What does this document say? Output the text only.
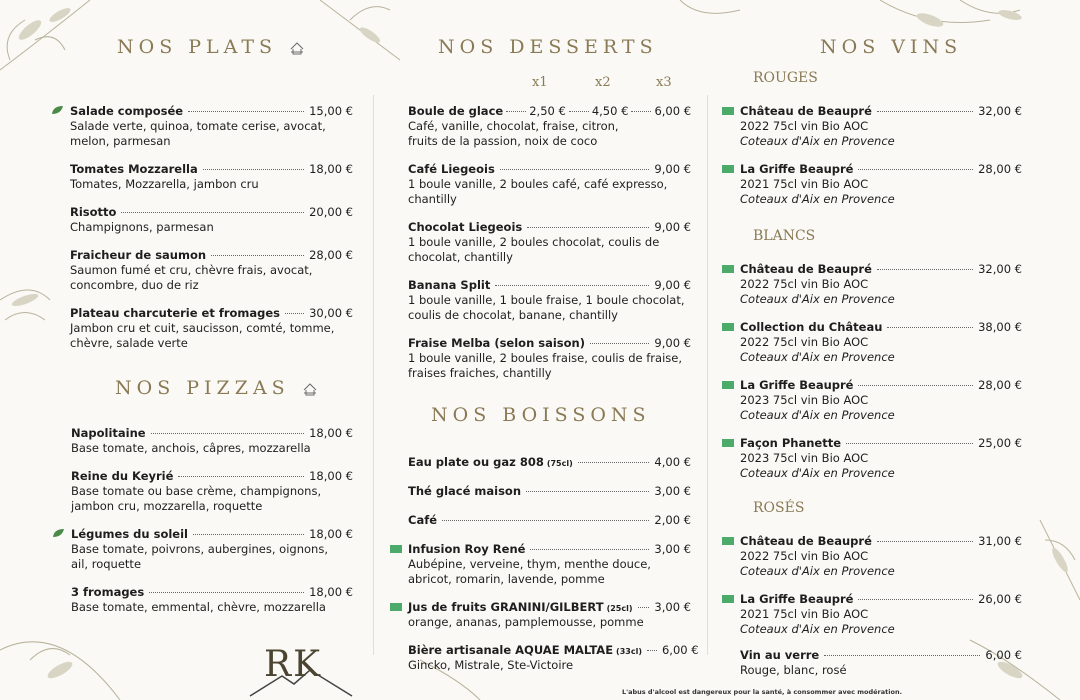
NOS PLATS
Salade composée	15,00 €
Salade verte, quinoa, tomate cerise, avocat,
melon, parmesan
Tomates Mozzarella	18,00 €
Tomates, Mozzarella, jambon cru
Risotto	20,00 €
Champignons, parmesan
Fraicheur de saumon	28,00 €
Saumon fumé et cru, chèvre frais, avocat,
concombre, duo de riz
Plateau charcuterie et fromages	30,00 €
Jambon cru et cuit, saucisson, comté, tomme,
chèvre, salade verte
NOS PIZZAS
Napolitaine	18,00 €
Base tomate, anchois, câpres, mozzarella
Reine du Keyrié	18,00 €
Base tomate ou base crème, champignons,
jambon cru, mozzarella, roquette
Légumes du soleil	18,00 €
Base tomate, poivrons, aubergines, oignons,
ail, roquette
3 fromages	18,00 €
Base tomate, emmental, chèvre, mozzarella
NOS DESSERTS
x1	x2	x3
Boule de glace 2,50 € 4,50 € 6,00 €
Café, vanille, chocolat, fraise, citron,
fruits de la passion, noix de coco
Café Liegeois	9,00 €
1 boule vanille, 2 boules café, café expresso,
chantilly
Chocolat Liegeois	9,00 €
1 boule vanille, 2 boules chocolat, coulis de
chocolat, chantilly
Banana Split	9,00 €
1 boule vanille, 1 boule fraise, 1 boule chocolat,
coulis de chocolat, banane, chantilly
Fraise Melba (selon saison)	9,00 €
1 boule vanille, 2 boules fraise, coulis de fraise,
fraises fraiches, chantilly
NOS BOISSONS
Eau plate ou gaz 808 (75cl)	4,00 €
Thé glacé maison	3,00 €
Café	2,00 €
Infusion Roy René	3,00 €
Aubépine, verveine, thym, menthe douce,
abricot, romarin, lavende, pomme
Jus de fruits GRANINI/GILBERT (25cl) 3,00 €
orange, ananas, pamplemousse, pomme
Bière artisanale AQUAE MALTAE (33cl) 6,00 €
Gincko, Mistrale, Ste-Victoire
NOS VINS
ROUGES
Château de Beaupré	32,00 €
2022 75cl vin Bio AOC
Coteaux d'Aix en Provence
La Griffe Beaupré	28,00 €
2021 75cl vin Bio AOC
Coteaux d'Aix en Provence
BLANCS
Château de Beaupré	32,00 €
2022 75cl vin Bio AOC
Coteaux d'Aix en Provence
Collection du Château	38,00 €
2022 75cl vin Bio AOC
Coteaux d'Aix en Provence
La Griffe Beaupré	28,00 €
2023 75cl vin Bio AOC
Coteaux d'Aix en Provence
Façon Phanette	25,00 €
2023 75cl vin Bio AOC
Coteaux d'Aix en Provence
ROSÉS
Château de Beaupré	31,00 €
2022 75cl vin Bio AOC
Coteaux d'Aix en Provence
La Griffe Beaupré	26,00 €
2021 75cl vin Bio AOC
Coteaux d'Aix en Provence
Vin au verre	6,00 €
Rouge, blanc, rosé
RK
L'abus d'alcool est dangereux pour la santé, à consommer avec modération.
